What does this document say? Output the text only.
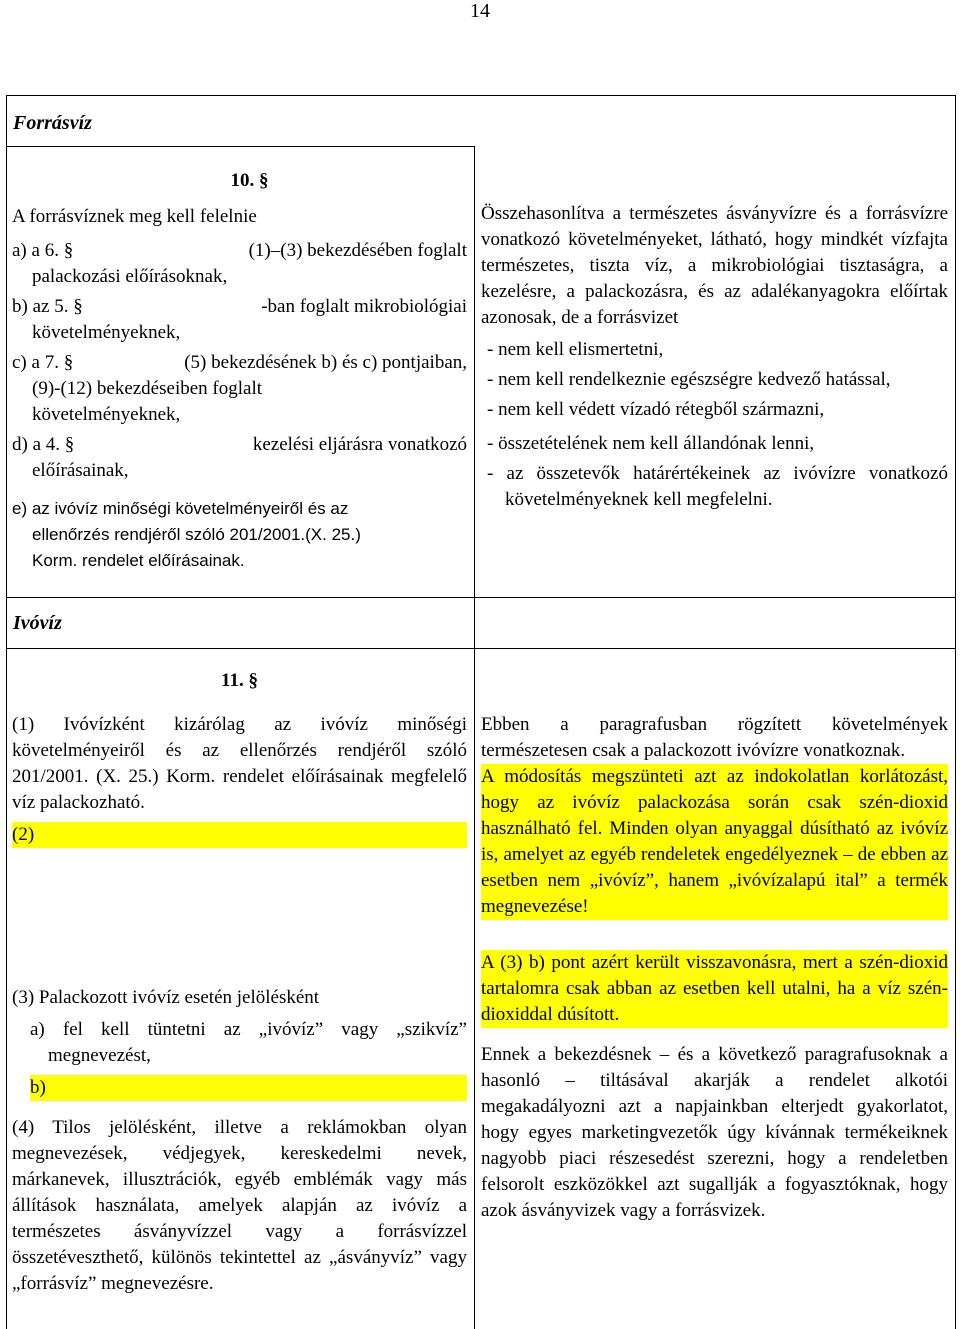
14
Forrásvíz
10. §

A forrásvíznek meg kell felelnie

a) a 6. §	(1)–(3) bekezdésében foglalt
palackozási előírásoknak,
b) az 5. §	-ban foglalt mikrobiológiai
követelményeknek,
c) a 7. §	(5) bekezdésének b) és c) pontjaiban,
(9)-(12) bekezdéseiben foglalt
követelményeknek,
d) a 4. §	kezelési eljárásra vonatkozó
előírásainak,
e) az ivóvíz minőségi követelményeiről és az
ellenőrzés rendjéről szóló 201/2001.(X. 25.)
Korm. rendelet előírásainak.

Összehasonlítva a természetes ásványvízre és a forrásvízre vonatkozó követelményeket, látható, hogy mindkét vízfajta természetes, tiszta víz, a mikrobiológiai tisztaságra, a kezelésre, a palackozásra, és az adalékanyagokra előírtak azonosak, de a forrásvizet

- nem kell elismertetni,

- nem kell rendelkeznie egészségre kedvező hatással,

- nem kell védett vízadó rétegből származni,

- összetételének nem kell állandónak lenni,

- az összetevők határértékeinek az ivóvízre vonatkozó követelményeknek kell megfelelni.

Ivóvíz
11. §

(1) Ivóvízként kizárólag az ivóvíz minőségi követelményeiről és az ellenőrzés rendjéről szóló 201/2001. (X. 25.) Korm. rendelet előírásainak megfelelő víz palackozható.

(2)

(3) Palackozott ivóvíz esetén jelölésként

a) fel kell tüntetni az „ivóvíz” vagy „szikvíz” megnevezést,

b)

(4) Tilos jelölésként, illetve a reklámokban olyan megnevezések, védjegyek, kereskedelmi nevek, márkanevek, illusztrációk, egyéb emblémák vagy más állítások használata, amelyek alapján az ivóvíz a természetes ásványvízzel vagy a forrásvízzel összetéveszthető, különös tekintettel az „ásványvíz” vagy „forrásvíz” megnevezésre.

Ebben a paragrafusban rögzített követelmények természetesen csak a palackozott ivóvízre vonatkoznak.

A módosítás megszünteti azt az indokolatlan korlátozást, hogy az ivóvíz palackozása során csak szén-dioxid használható fel. Minden olyan anyaggal dúsítható az ivóvíz is, amelyet az egyéb rendeletek engedélyeznek – de ebben az esetben nem „ivóvíz”, hanem „ivóvízalapú ital” a termék megnevezése!

A (3) b) pont azért került visszavonásra, mert a szén-dioxid tartalomra csak abban az esetben kell utalni, ha a víz szén-dioxiddal dúsított.

Ennek a bekezdésnek – és a következő paragrafusoknak a hasonló – tiltásával akarják a rendelet alkotói megakadályozni azt a napjainkban elterjedt gyakorlatot, hogy egyes marketingvezetők úgy kívánnak termékeiknek nagyobb piaci részesedést szerezni, hogy a rendeletben felsorolt eszközökkel azt sugallják a fogyasztóknak, hogy azok ásványvizek vagy a forrásvizek.
